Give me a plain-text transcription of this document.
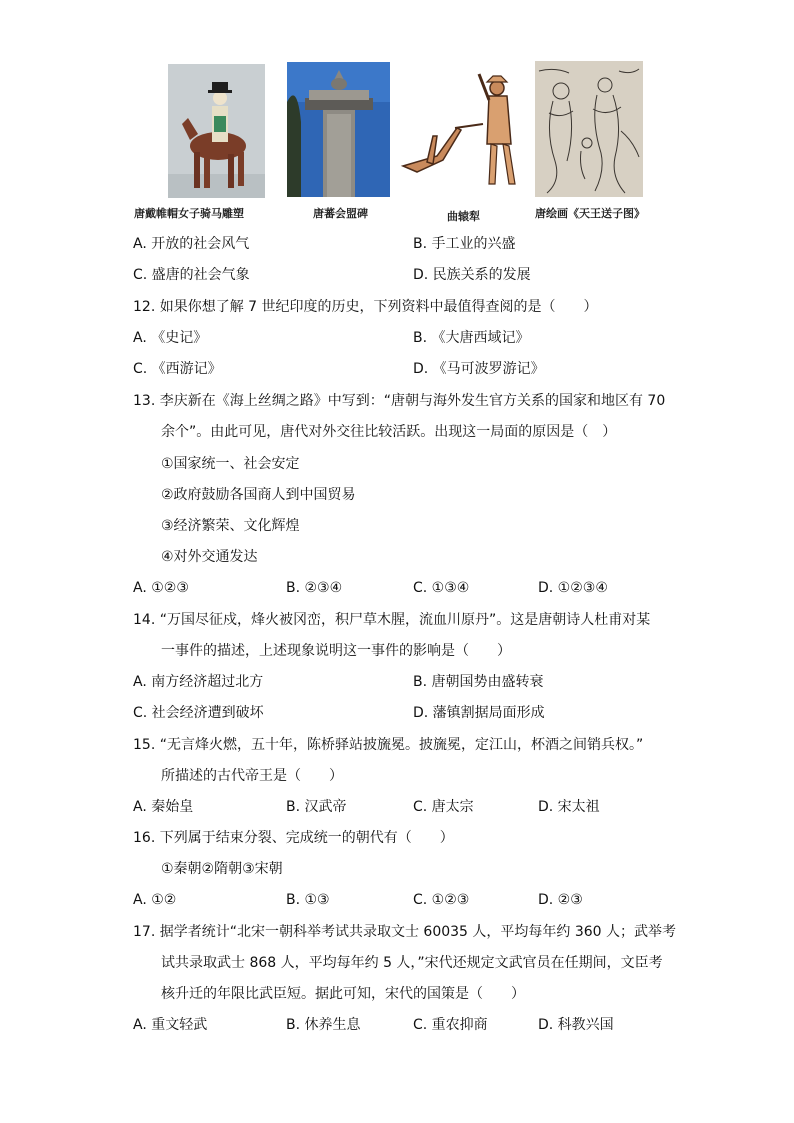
唐戴帷帽女子骑马雕塑	唐蕃会盟碑	曲辕犁	唐绘画《天王送子图》
A. 开放的社会风气	B. 手工业的兴盛
C. 盛唐的社会气象	D. 民族关系的发展
12. 如果你想了解 7 世纪印度的历史，下列资料中最值得查阅的是（　　）
A. 《史记》	B. 《大唐西域记》
C. 《西游记》	D. 《马可波罗游记》
13. 李庆新在《海上丝绸之路》中写到：“唐朝与海外发生官方关系的国家和地区有 70
余个”。由此可见，唐代对外交往比较活跃。出现这一局面的原因是（　）
①国家统一、社会安定
②政府鼓励各国商人到中国贸易
③经济繁荣、文化辉煌
④对外交通发达
A. ①②③	B. ②③④	C. ①③④	D. ①②③④
14. “万国尽征戍，烽火被冈峦，积尸草木腥，流血川原丹”。这是唐朝诗人杜甫对某
一事件的描述，上述现象说明这一事件的影响是（　　）
A. 南方经济超过北方	B. 唐朝国势由盛转衰
C. 社会经济遭到破坏	D. 藩镇割据局面形成
15. “无言烽火燃，五十年，陈桥驿站披旒冕。披旒冕，定江山，杯酒之间销兵权。”
所描述的古代帝王是（　　）
A. 秦始皇	B. 汉武帝	C. 唐太宗	D. 宋太祖
16. 下列属于结束分裂、完成统一的朝代有（　　）
①秦朝②隋朝③宋朝
A. ①②	B. ①③	C. ①②③	D. ②③
17. 据学者统计“北宋一朝科举考试共录取文士 60035 人，平均每年约 360 人；武举考
试共录取武士 868 人，平均每年约 5 人，”宋代还规定文武官员在任期间，文臣考
核升迁的年限比武臣短。据此可知，宋代的国策是（　　）
A. 重文轻武	B. 休养生息	C. 重农抑商	D. 科教兴国
